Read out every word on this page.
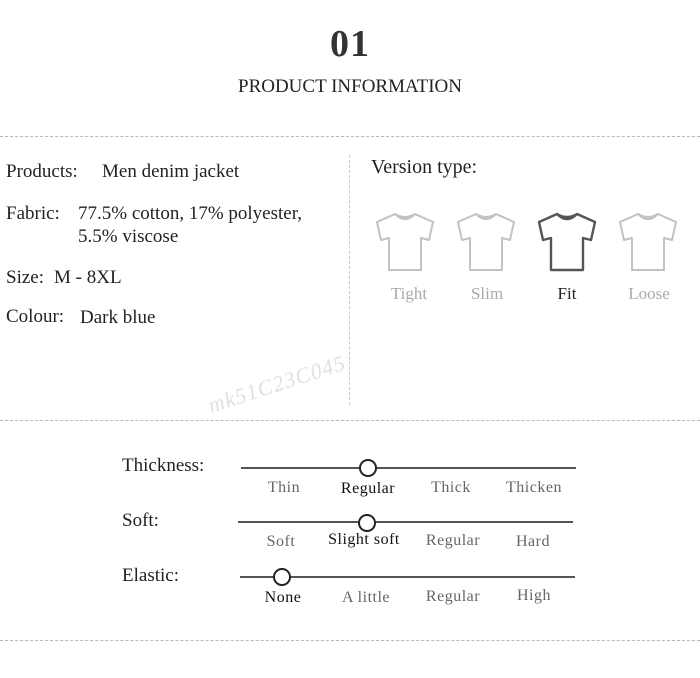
01
PRODUCT INFORMATION
Products: Men denim jacket
Fabric: 77.5% cotton, 17% polyester,
5.5% viscose
Size: M - 8XL
Colour: Dark blue
Version type:
Tight	Slim	Fit	Loose
mk51C23C045
Thickness:
Thin	Regular	Thick	Thicken
Soft:
Soft	Slight soft	Regular	Hard
Elastic:
None	A little	Regular	High
